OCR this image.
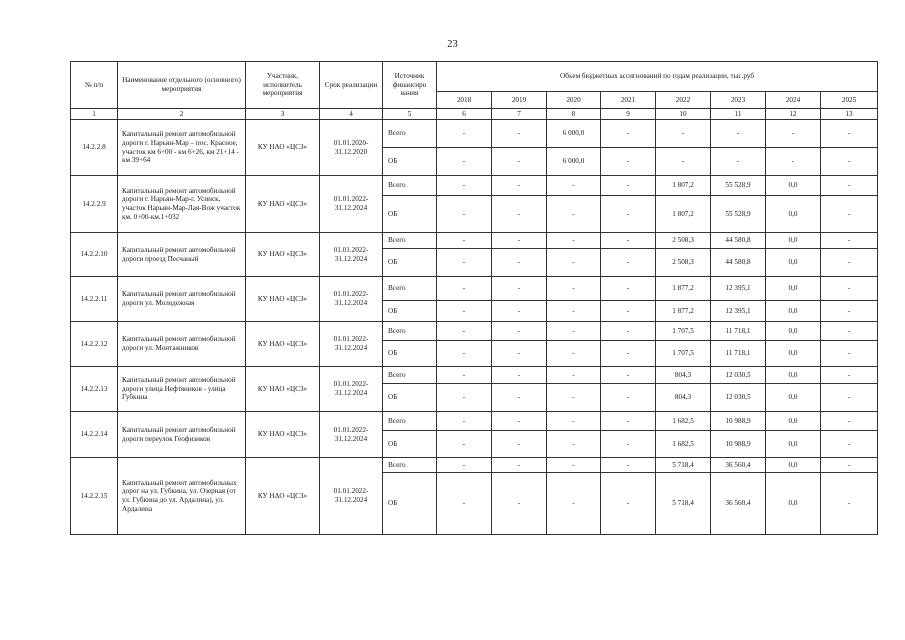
23
№ п/п	Наименование отдельного (основного) мероприятия	Участник, исполнитель мероприятия	Срок реализации	Источник финансиро вания	Объем бюджетных ассигнований по годам реализации, тыс.руб							
					2018	2019	2020	2021	2022	2023	2024	2025
1	2	3	4	5	6	7	8	9	10	11	12	13
14.2.2.8	Капитальный ремонт автомобильной дороги г. Нарьян-Мар – пос. Красное, участок км 6+00 - км 6+26, км 21+14 - км 39+64	КУ НАО «ЦСЗ»	01.01.2020-31.12.2020	Всего	-	-	6 000,0	-	-	-	-	-
				ОБ	-	-	6 000,0	-	-	-	-	-
14.2.2.9	Капитальный ремонт автомобильной дороги г. Нарьян-Мар-г. Усинск, участок Нарьян-Мар-Лая-Вож участок км. 0+00-км.1+032	КУ НАО «ЦСЗ»	01.01.2022-31.12.2024	Всего	-	-	-	-	1 807,2	55 528,9	0,0	-
				ОБ	-	-	-	-	1 807,2	55 528,9	0,0	-
14.2.2.10	Капитальный ремонт автомобильной дороги проезд Песчаный	КУ НАО «ЦСЗ»	01.01.2022-31.12.2024	Всего	-	-	-	-	2 508,3	44 580,8	0,0	-
				ОБ	-	-	-	-	2 508,3	44 580,8	0,0	-
14.2.2.11	Капитальный ремонт автомобильной дороги ул. Молодежная	КУ НАО «ЦСЗ»	01.01.2022-31.12.2024	Всего	-	-	-	-	1 877,2	12 395,1	0,0	-
				ОБ	-	-	-	-	1 877,2	12 395,1	0,0	-
14.2.2.12	Капитальный ремонт автомобильной дороги ул. Монтажников	КУ НАО «ЦСЗ»	01.01.2022-31.12.2024	Всего	-	-	-	-	1 707,5	11 718,1	0,0	-
				ОБ	-	-	-	-	1 707,5	11 718,1	0,0	-
14.2.2.13	Капитальный ремонт автомобильной дороги улица Нефтяников - улица Губкина	КУ НАО «ЦСЗ»	01.01.2022-31.12.2024	Всего	-	-	-	-	804,3	12 030,5	0,0	-
				ОБ	-	-	-	-	804,3	12 030,5	0,0	-
14.2.2.14	Капитальный ремонт автомобильной дороги переулок Геофизиков	КУ НАО «ЦСЗ»	01.01.2022-31.12.2024	Всего	-	-	-	-	1 682,5	10 988,9	0,0	-
				ОБ	-	-	-	-	1 682,5	10 988,9	0,0	-
14.2.2.15	Капитальный ремонт автомобильных дорог на ул. Губкина, ул. Озерная (от ул. Губкина до ул. Ардалина), ул. Ардалина	КУ НАО «ЦСЗ»	01.01.2022-31.12.2024	Всего	-	-	-	-	5 718,4	36 560,4	0,0	-
				ОБ	-	-	-	-	5 718,4	36 560,4	0,0	-
